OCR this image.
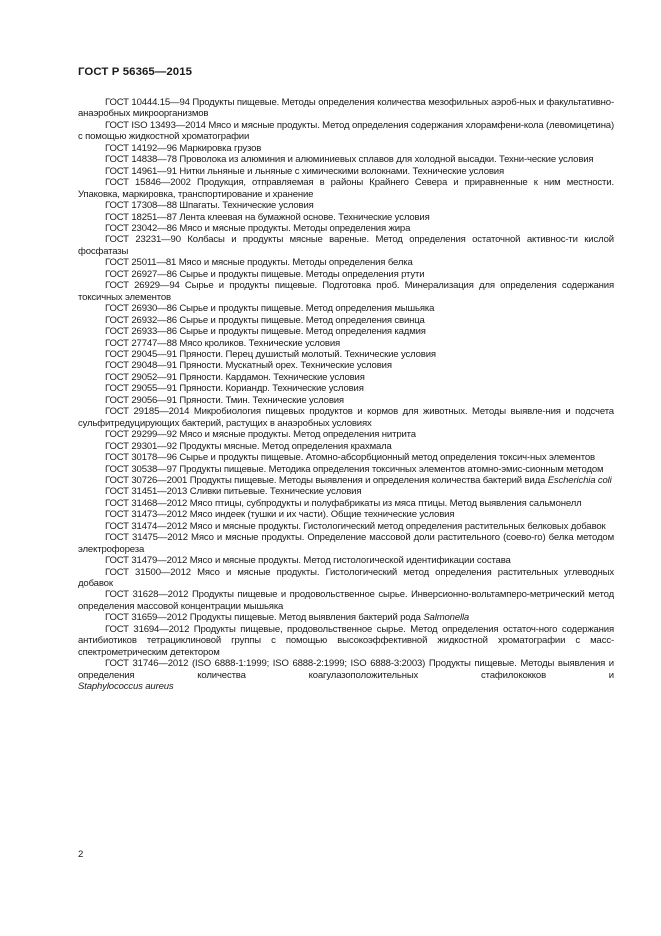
ГОСТ Р 56365—2015

ГОСТ 10444.15—94 Продукты пищевые. Методы определения количества мезофильных аэроб-ных и факультативно-анаэробных микроорганизмов

ГОСТ ISO 13493—2014 Мясо и мясные продукты. Метод определения содержания хлорамфени-кола (левомицетина) с помощью жидкостной хроматографии

ГОСТ 14192—96 Маркировка грузов

ГОСТ 14838—78 Проволока из алюминия и алюминиевых сплавов для холодной высадки. Техни-ческие условия

ГОСТ 14961—91 Нитки льняные и льняные с химическими волокнами. Технические условия

ГОСТ 15846—2002 Продукция, отправляемая в районы Крайнего Севера и приравненные к ним местности. Упаковка, маркировка, транспортирование и хранение

ГОСТ 17308—88 Шпагаты. Технические условия

ГОСТ 18251—87 Лента клеевая на бумажной основе. Технические условия

ГОСТ 23042—86 Мясо и мясные продукты. Методы определения жира

ГОСТ 23231—90 Колбасы и продукты мясные вареные. Метод определения остаточной активнос-ти кислой фосфатазы

ГОСТ 25011—81 Мясо и мясные продукты. Методы определения белка

ГОСТ 26927—86 Сырье и продукты пищевые. Методы определения ртути

ГОСТ 26929—94 Сырье и продукты пищевые. Подготовка проб. Минерализация для определения содержания токсичных элементов

ГОСТ 26930—86 Сырье и продукты пищевые. Метод определения мышьяка

ГОСТ 26932—86 Сырье и продукты пищевые. Метод определения свинца

ГОСТ 26933—86 Сырье и продукты пищевые. Метод определения кадмия

ГОСТ 27747—88 Мясо кроликов. Технические условия

ГОСТ 29045—91 Пряности. Перец душистый молотый. Технические условия

ГОСТ 29048—91 Пряности. Мускатный орех. Технические условия

ГОСТ 29052—91 Пряности. Кардамон. Технические условия

ГОСТ 29055—91 Пряности. Кориандр. Технические условия

ГОСТ 29056—91 Пряности. Тмин. Технические условия

ГОСТ 29185—2014 Микробиология пищевых продуктов и кормов для животных. Методы выявле-ния и подсчета сульфитредуцирующих бактерий, растущих в анаэробных условиях

ГОСТ 29299—92 Мясо и мясные продукты. Метод определения нитрита

ГОСТ 29301—92 Продукты мясные. Метод определения крахмала

ГОСТ 30178—96 Сырье и продукты пищевые. Атомно-абсорбционный метод определения токсич-ных элементов

ГОСТ 30538—97 Продукты пищевые. Методика определения токсичных элементов атомно-эмис-сионным методом

ГОСТ 30726—2001 Продукты пищевые. Методы выявления и определения количества бактерий вида Escherichia coli

ГОСТ 31451—2013 Сливки питьевые. Технические условия

ГОСТ 31468—2012 Мясо птицы, субпродукты и полуфабрикаты из мяса птицы. Метод выявления сальмонелл

ГОСТ 31473—2012 Мясо индеек (тушки и их части). Общие технические условия

ГОСТ 31474—2012 Мясо и мясные продукты. Гистологический метод определения растительных белковых добавок

ГОСТ 31475—2012 Мясо и мясные продукты. Определение массовой доли растительного (соево-го) белка методом электрофореза

ГОСТ 31479—2012 Мясо и мясные продукты. Метод гистологической идентификации состава

ГОСТ 31500—2012 Мясо и мясные продукты. Гистологический метод определения растительных углеводных добавок

ГОСТ 31628—2012 Продукты пищевые и продовольственное сырье. Инверсионно-вольтамперо-метрический метод определения массовой концентрации мышьяка

ГОСТ 31659—2012 Продукты пищевые. Метод выявления бактерий рода Salmonella

ГОСТ 31694—2012 Продукты пищевые, продовольственное сырье. Метод определения остаточ-ного содержания антибиотиков тетрациклиновой группы с помощью высокоэффективной жидкостной хроматографии с масс-спектрометрическим детектором

ГОСТ 31746—2012 (ISO 6888-1:1999; ISO 6888-2:1999; ISO 6888-3:2003) Продукты пищевые. Методы выявления и определения количества коагулазоположительных стафилококков и

Staphylococcus aureus

2
